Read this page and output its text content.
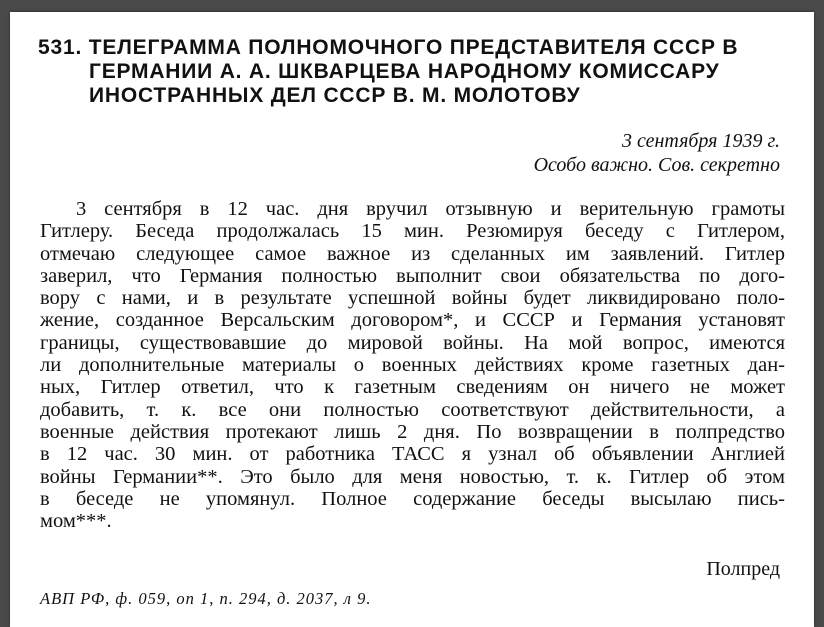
531. ТЕЛЕГРАММА ПОЛНОМОЧНОГО ПРЕДСТАВИТЕЛЯ СССР В
ГЕРМАНИИ А. А. ШКВАРЦЕВА НАРОДНОМУ КОМИССАРУ
ИНОСТРАННЫХ ДЕЛ СССР В. М. МОЛОТОВУ
3 сентября 1939 г.
Особо важно. Сов. секретно
3 сентября в 12 час. дня вручил отзывную и верительную грамоты
Гитлеру. Беседа продолжалась 15 мин. Резюмируя беседу с Гитлером,
отмечаю следующее самое важное из сделанных им заявлений. Гитлер
заверил, что Германия полностью выполнит свои обязательства по дого-
вору с нами, и в результате успешной войны будет ликвидировано поло-
жение, созданное Версальским договором*, и СССР и Германия установят
границы, существовавшие до мировой войны. На мой вопрос, имеются
ли дополнительные материалы о военных действиях кроме газетных дан-
ных, Гитлер ответил, что к газетным сведениям он ничего не может
добавить, т. к. все они полностью соответствуют действительности, а
военные действия протекают лишь 2 дня. По возвращении в полпредство
в 12 час. 30 мин. от работника ТАСС я узнал об объявлении Англией
войны Германии**. Это было для меня новостью, т. к. Гитлер об этом
в беседе не упомянул. Полное содержание беседы высылаю пись-
мом***.
Полпред
АВП РФ, ф. 059, оп 1, п. 294, д. 2037, л 9.
